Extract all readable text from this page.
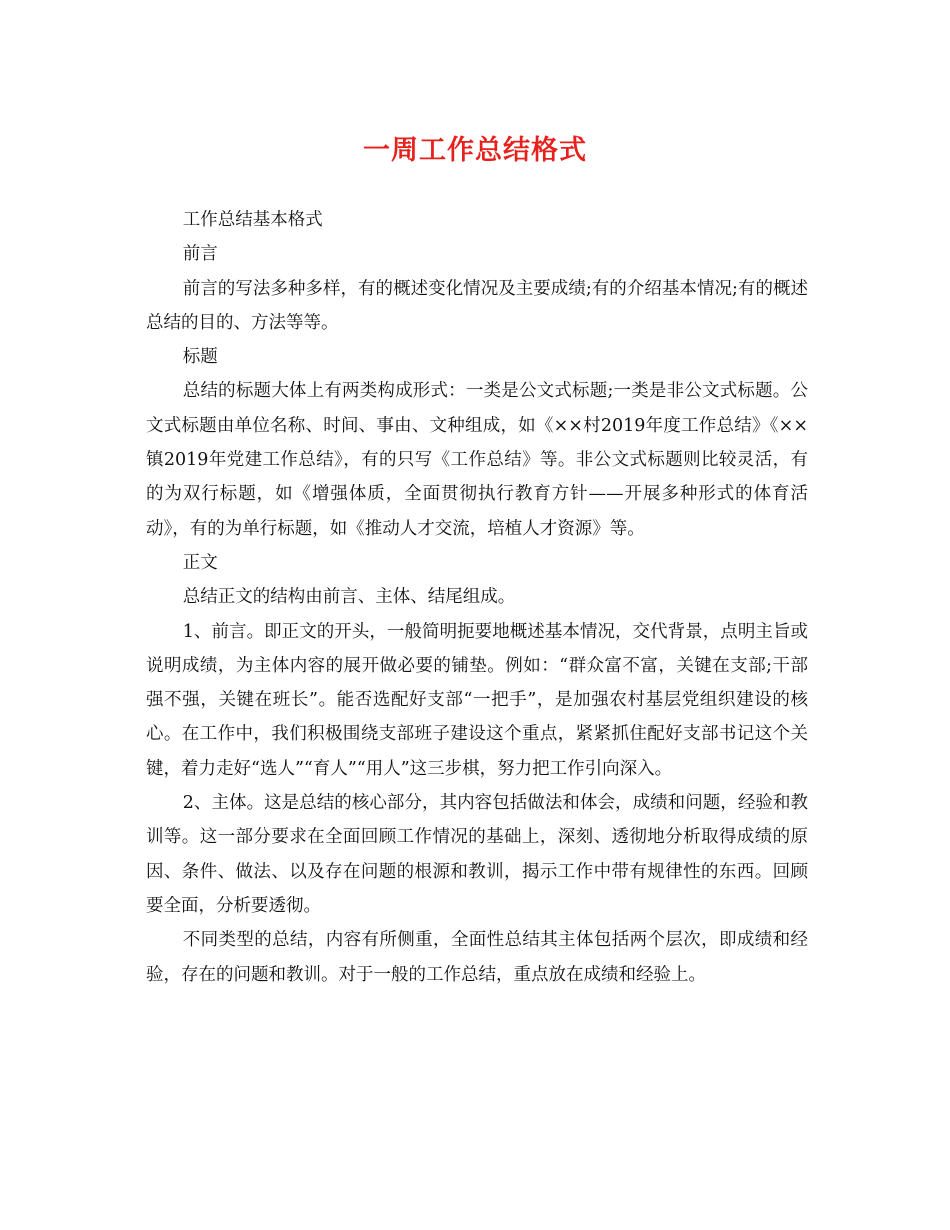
一周工作总结格式

工作总结基本格式

前言

前言的写法多种多样，有的概述变化情况及主要成绩;有的介绍基本情况;有的概述总结的目的、方法等等。

标题

总结的标题大体上有两类构成形式：一类是公文式标题;一类是非公文式标题。公文式标题由单位名称、时间、事由、文种组成，如《××村2019年度工作总结》《××镇2019年党建工作总结》，有的只写《工作总结》等。非公文式标题则比较灵活，有的为双行标题，如《增强体质，全面贯彻执行教育方针——开展多种形式的体育活动》，有的为单行标题，如《推动人才交流，培植人才资源》等。

正文

总结正文的结构由前言、主体、结尾组成。

1、前言。即正文的开头，一般简明扼要地概述基本情况，交代背景，点明主旨或说明成绩，为主体内容的展开做必要的铺垫。例如：“群众富不富，关键在支部;干部强不强，关键在班长”。能否选配好支部“一把手”，是加强农村基层党组织建设的核心。在工作中，我们积极围绕支部班子建设这个重点，紧紧抓住配好支部书记这个关键，着力走好“选人”“育人”“用人”这三步棋，努力把工作引向深入。

2、主体。这是总结的核心部分，其内容包括做法和体会，成绩和问题，经验和教训等。这一部分要求在全面回顾工作情况的基础上，深刻、透彻地分析取得成绩的原因、条件、做法、以及存在问题的根源和教训，揭示工作中带有规律性的东西。回顾要全面，分析要透彻。

不同类型的总结，内容有所侧重，全面性总结其主体包括两个层次，即成绩和经验，存在的问题和教训。对于一般的工作总结，重点放在成绩和经验上。
